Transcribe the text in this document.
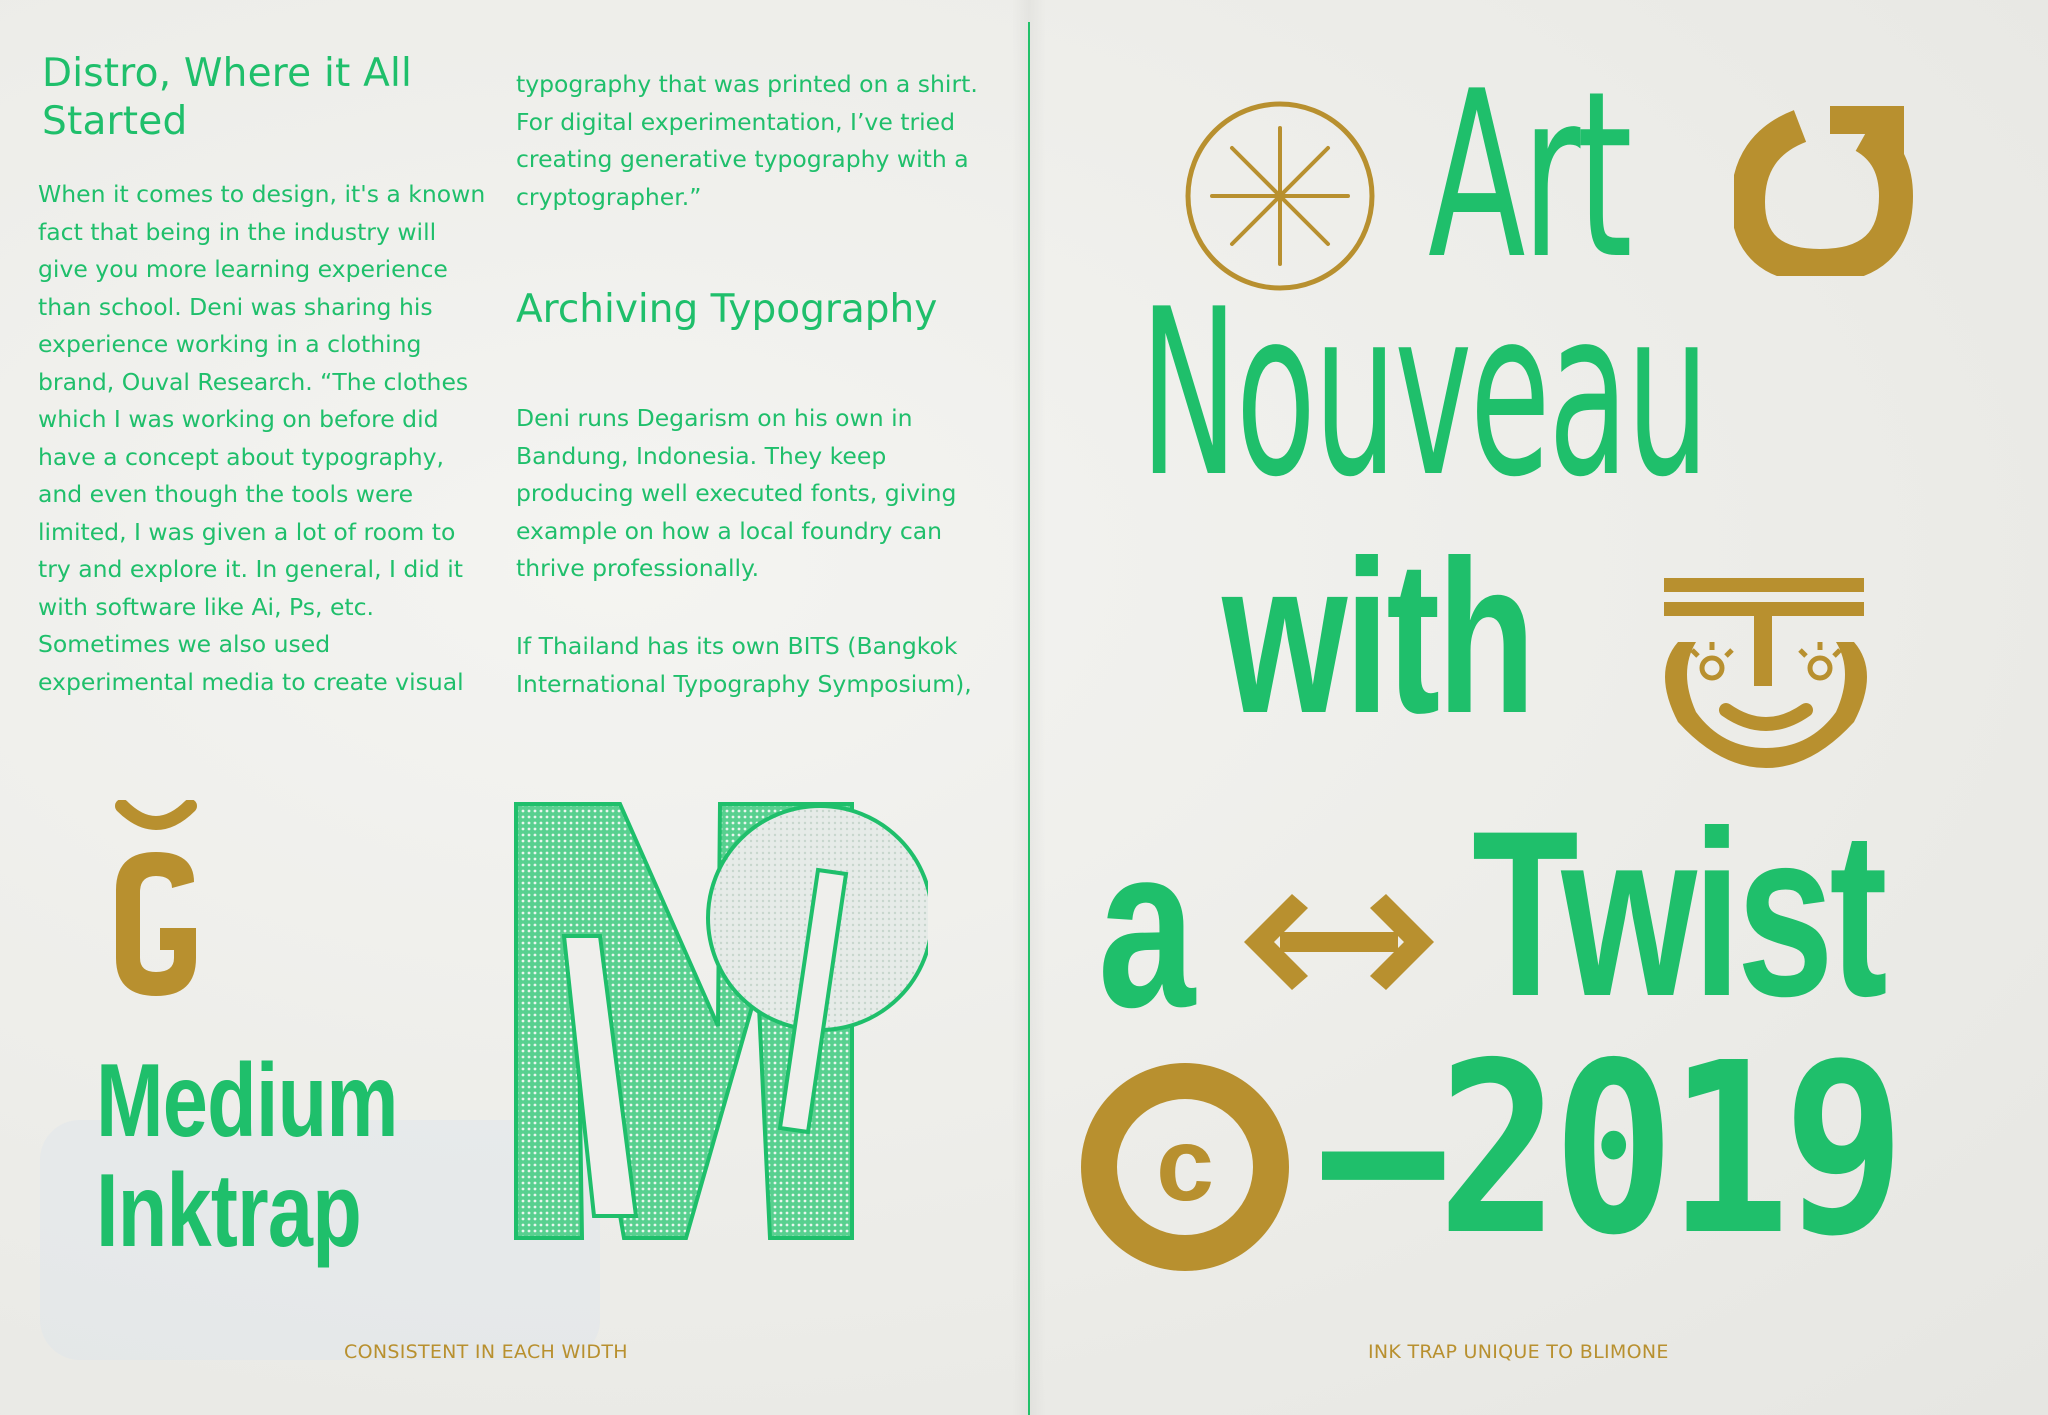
Distro, Where it All Started

When it comes to design, it's a known fact that being in the industry will give you more learning experience than school. Deni was sharing his experience working in a clothing brand, Ouval Research. “The clothes which I was working on before did have a concept about typography, and even though the tools were limited, I was given a lot of room to try and explore it. In general, I did it with software like Ai, Ps, etc. Sometimes we also used experimental media to create visual

typography that was printed on a shirt. For digital experimentation, I’ve tried creating generative typography with a cryptographer.”

Archiving Typography

Deni runs Degarism on his own in Bandung, Indonesia. They keep producing well executed fonts, giving example on how a local foundry can thrive professionally.

If Thailand has its own BITS (Bangkok International Typography Symposium),

Ğ
Medium
Inktrap
M
CONSISTENT IN EACH WIDTH
Art
Nouveau
with
a Twist
c –2019
INK TRAP UNIQUE TO BLIMONE
